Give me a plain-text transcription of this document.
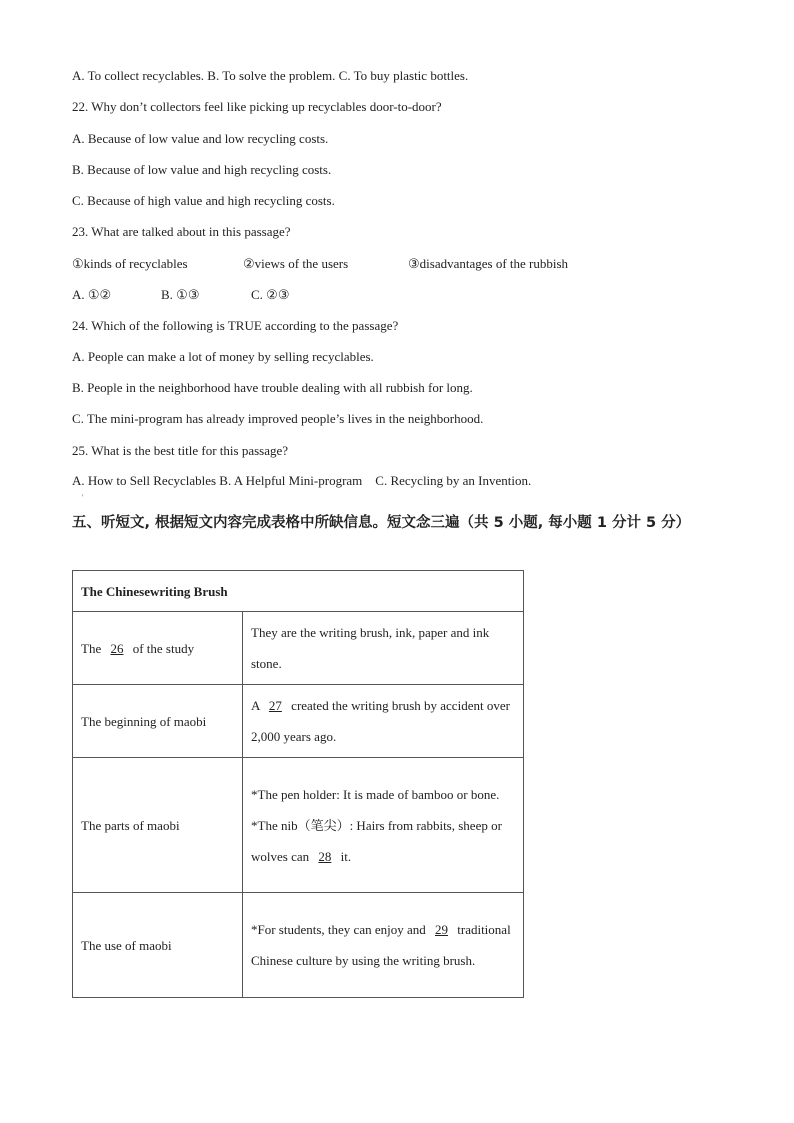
A. To collect recyclables. B. To solve the problem. C. To buy plastic bottles.
22. Why don’t collectors feel like picking up recyclables door-to-door?
A. Because of low value and low recycling costs.
B. Because of low value and high recycling costs.
C. Because of high value and high recycling costs.
23. What are talked about in this passage?
①kinds of recyclables	②views of the users	③disadvantages of the rubbish
A. ①②	B. ①③	C. ②③
24. Which of the following is TRUE according to the passage?
A. People can make a lot of money by selling recyclables.
B. People in the neighborhood have trouble dealing with all rubbish for long.
C. The mini-program has already improved people’s lives in the neighborhood.
25. What is the best title for this passage?
A. How to Sell Recyclables B. A Helpful Mini-program    C. Recycling by an Invention.
'
五、听短文, 根据短文内容完成表格中所缺信息。短文念三遍（共 5 小题, 每小题 1 分计 5 分）
The Chinesewriting Brush	
The 26 of the study	They are the writing brush, ink, paper and ink stone.
The beginning of maobi	A 27 created the writing brush by accident over 2,000 years ago.
The parts of maobi	*The pen holder: It is made of bamboo or bone.
*The nib（笔尖）: Hairs from rabbits, sheep or wolves can 28 it.

The use of maobi	*For students, they can enjoy and 29 traditional Chinese culture by using the writing brush.
